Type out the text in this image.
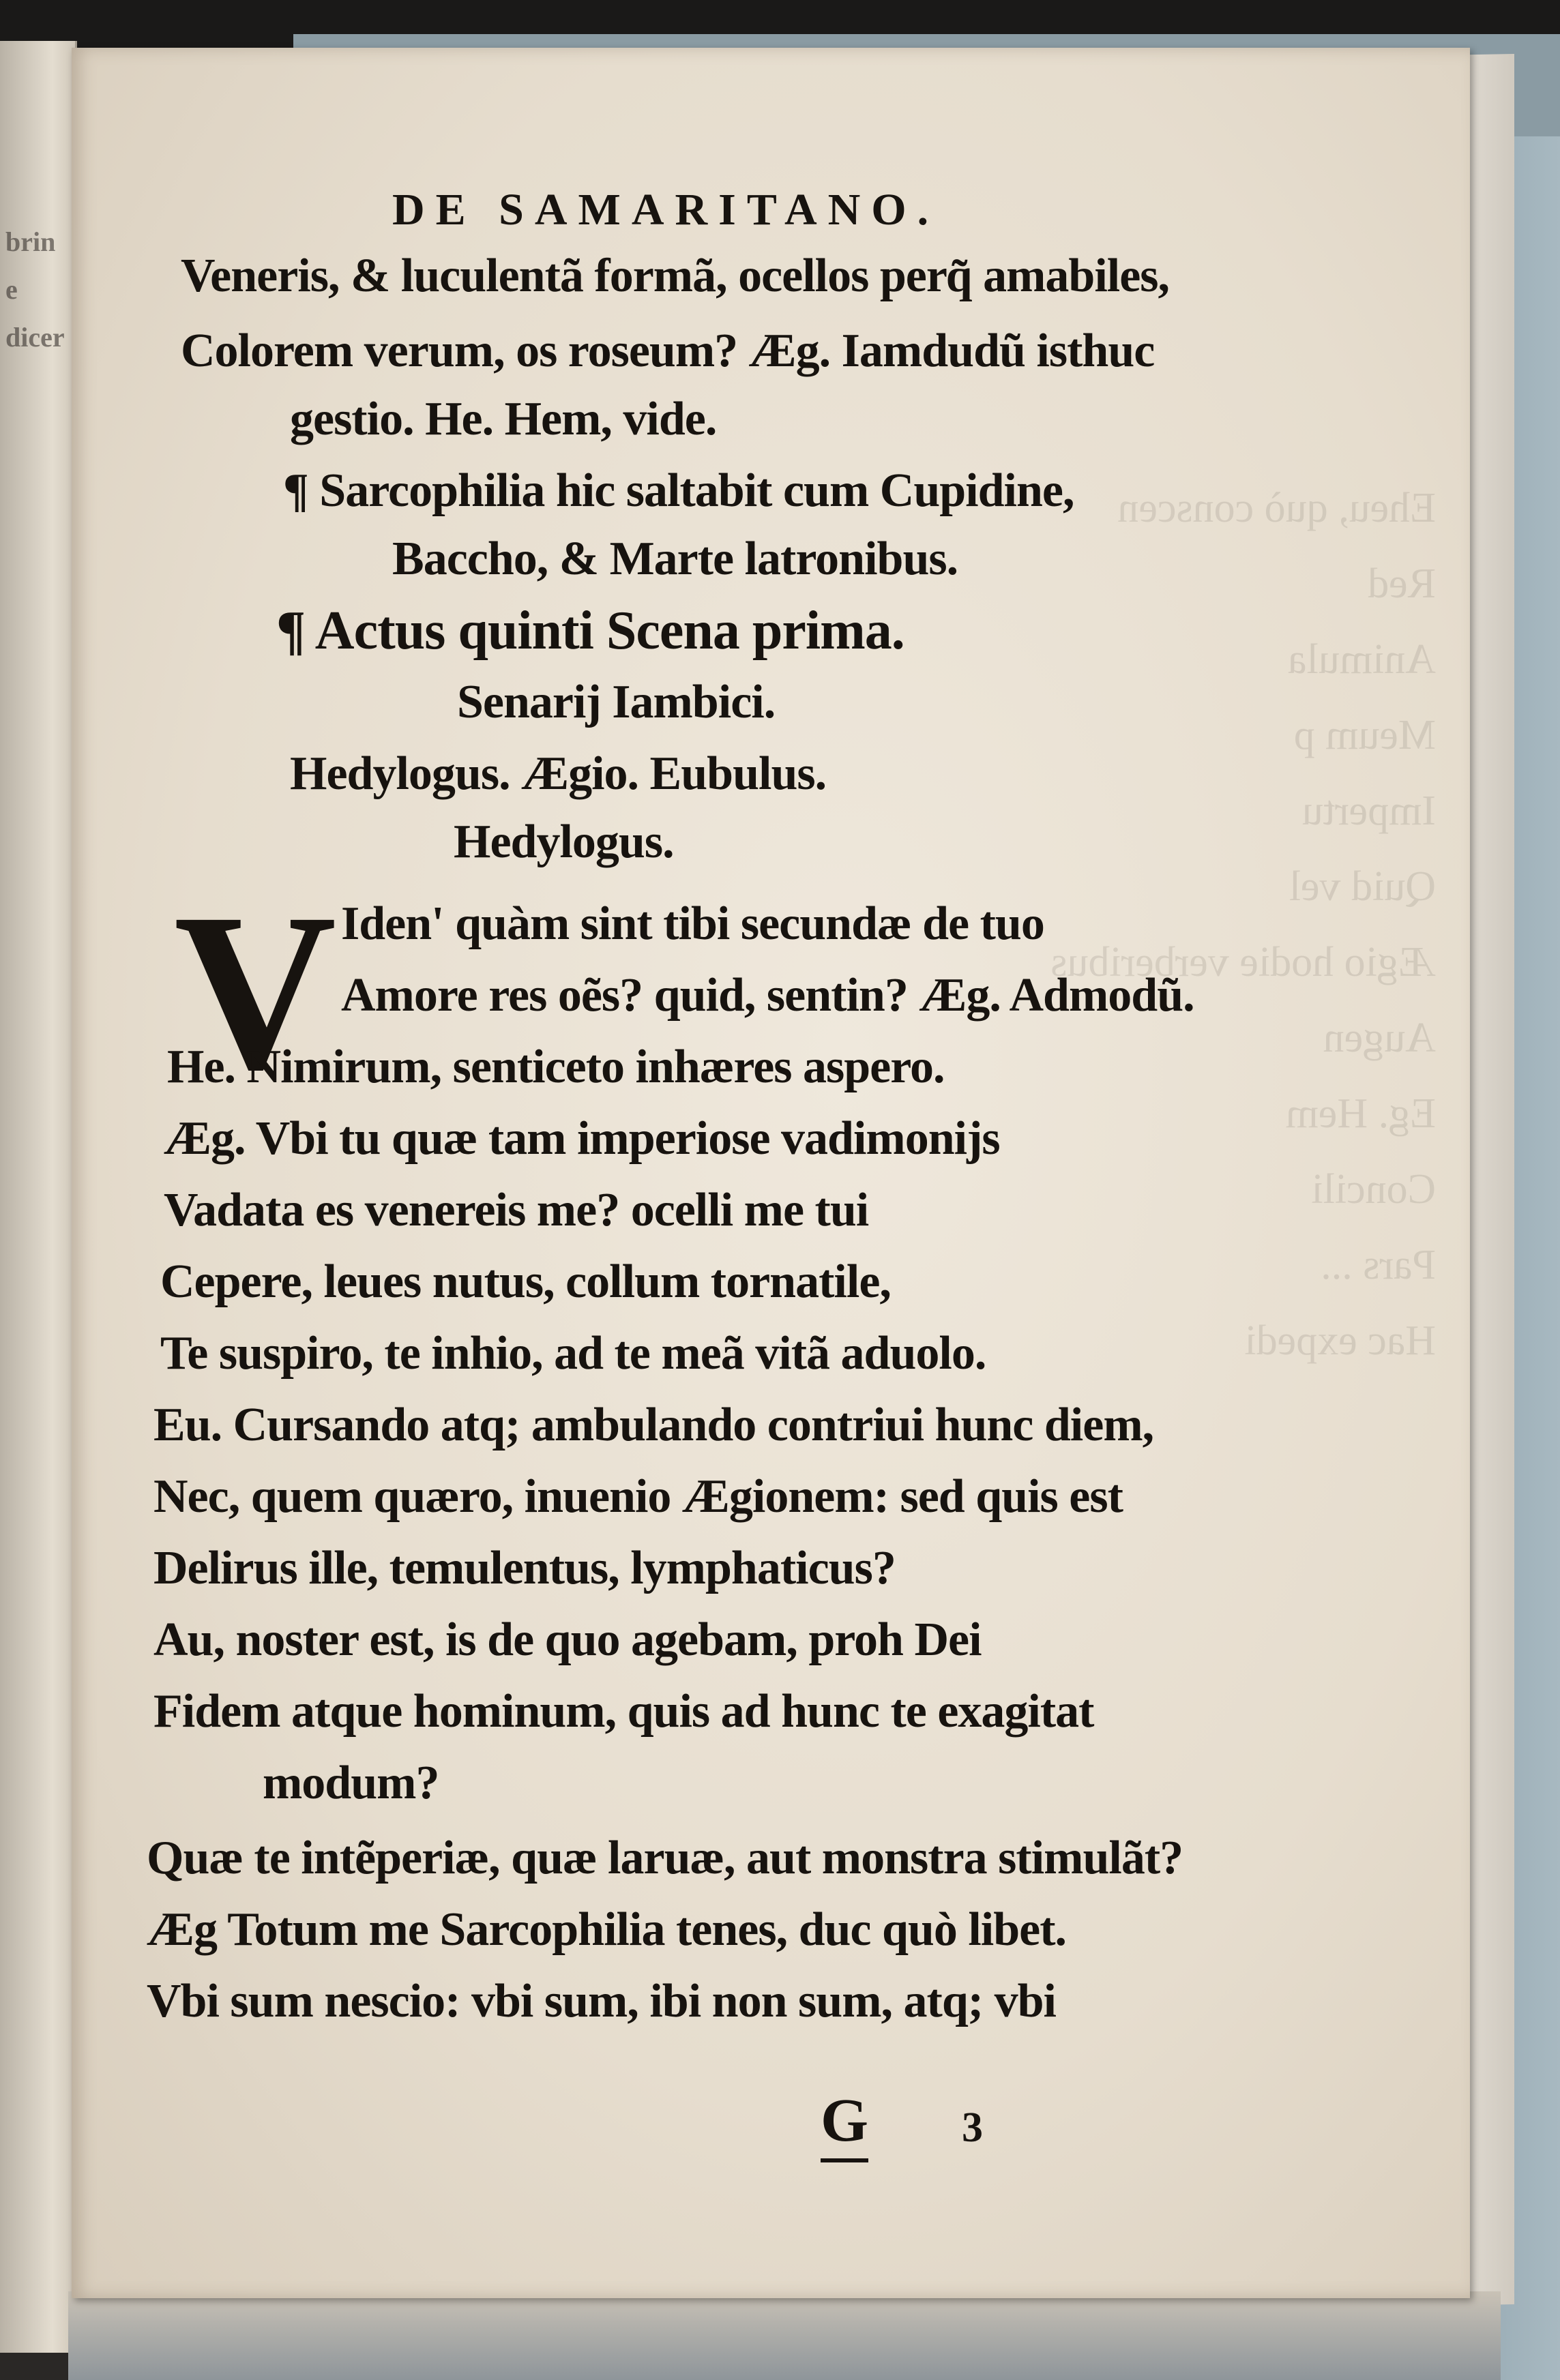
brin
e
dicer
Eheu, quò conscen
Red
Animula
Meum p
Impertu
Quid vel
Ægio hodie verberibus
Augen
Eg. Hem
Concili
Pars ...
Hac expedi
DE SAMARITANO.
Veneris, & luculentã formã, ocellos perq̃ amabiles,
Colorem verum, os roseum? Æg. Iamdudũ isthuc
gestio. He. Hem, vide.
¶ Sarcophilia hic saltabit cum Cupidine,
Baccho, & Marte latronibus.
¶ Actus quinti Scena prima.
Senarij Iambici.
Hedylogus. Ægio. Eubulus.
Hedylogus.
V Iden' quàm sint tibi secundæ de tuo
Amore res oẽs? quid, sentin? Æg. Admodũ.
He. Nimirum, senticeto inhæres aspero.
Æg. Vbi tu quæ tam imperiose vadimonijs
Vadata es venereis me? ocelli me tui
Cepere, leues nutus, collum tornatile,
Te suspiro, te inhio, ad te meã vitã aduolo.
Eu. Cursando atq; ambulando contriui hunc diem,
Nec, quem quæro, inuenio Ægionem: sed quis est
Delirus ille, temulentus, lymphaticus?
Au, noster est, is de quo agebam, proh Dei
Fidem atque hominum, quis ad hunc te exagitat
modum?
Quæ te intẽperiæ, quæ laruæ, aut monstra stimulãt?
Æg Totum me Sarcophilia tenes, duc quò libet.
Vbi sum nescio: vbi sum, ibi non sum, atq; vbi
G 3
